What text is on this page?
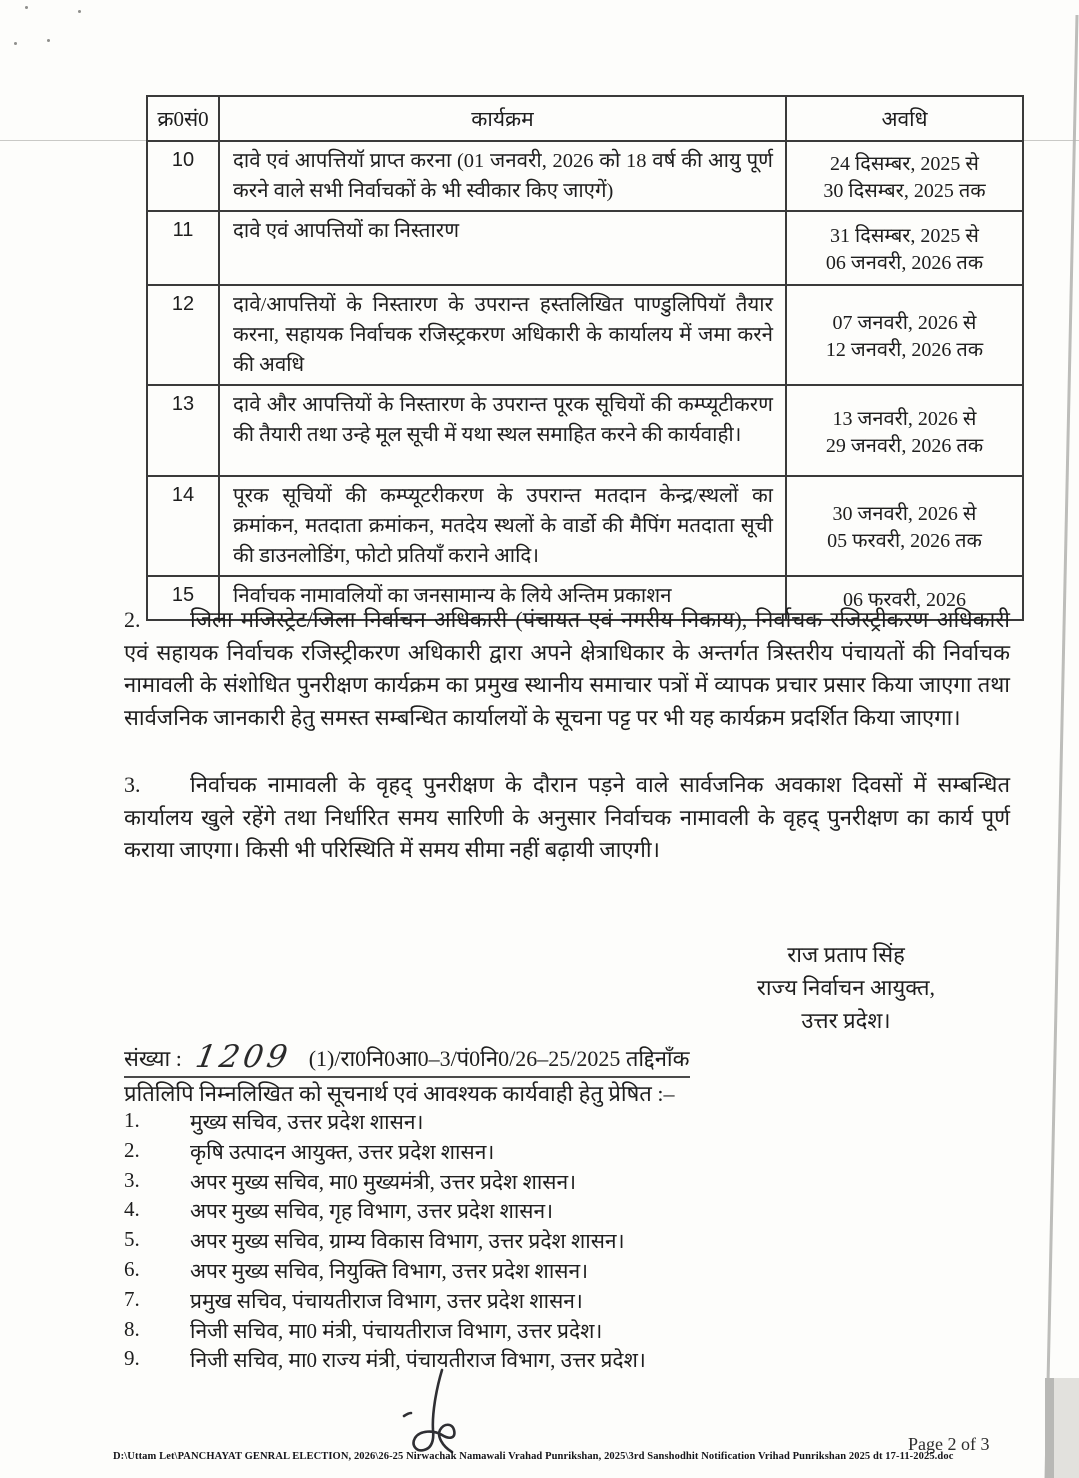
क्र0सं0	कार्यक्रम	अवधि
10	दावे एवं आपत्तियॉ प्राप्त करना (01 जनवरी, 2026 को 18 वर्ष की आयु पूर्ण करने वाले सभी निर्वाचकों के भी स्वीकार किए जाएगें)	24 दिसम्बर, 2025 से
30 दिसम्बर, 2025 तक

11	दावे एवं आपत्तियों का निस्तारण	31 दिसम्बर, 2025 से
06 जनवरी, 2026 तक

12	दावे/आपत्तियों के निस्तारण के उपरान्त हस्तलिखित पाण्डुलिपियॉ तैयार करना, सहायक निर्वाचक रजिस्ट्रकरण अधिकारी के कार्यालय में जमा करने की अवधि	07 जनवरी, 2026 से
12 जनवरी, 2026 तक

13	दावे और आपत्तियों के निस्तारण के उपरान्त पूरक सूचियों की कम्प्यूटीकरण की तैयारी तथा उन्हे मूल सूची में यथा स्थल समाहित करने की कार्यवाही।	13 जनवरी, 2026 से
29 जनवरी, 2026 तक

14	पूरक सूचियों की कम्प्यूटरीकरण के उपरान्त मतदान केन्द्र/स्थलों का क्रमांकन, मतदाता क्रमांकन, मतदेय स्थलों के वार्डो की मैपिंग मतदाता सूची की डाउनलोडिंग, फोटो प्रतियाँ कराने आदि।	30 जनवरी, 2026 से
05 फरवरी, 2026 तक

15	निर्वाचक नामावलियों का जनसामान्य के लिये अन्तिम प्रकाशन	06 फरवरी, 2026
2. जिला मजिस्ट्रेट/जिला निर्वाचन अधिकारी (पंचायत एवं नगरीय निकाय), निर्वाचक रजिस्ट्रीकरण अधिकारी एवं सहायक निर्वाचक रजिस्ट्रीकरण अधिकारी द्वारा अपने क्षेत्राधिकार के अन्तर्गत त्रिस्तरीय पंचायतों की निर्वाचक नामावली के संशोधित पुनरीक्षण कार्यक्रम का प्रमुख स्थानीय समाचार पत्रों में व्यापक प्रचार प्रसार किया जाएगा तथा सार्वजनिक जानकारी हेतु समस्त सम्बन्धित कार्यालयों के सूचना पट्ट पर भी यह कार्यक्रम प्रदर्शित किया जाएगा।
3. निर्वाचक नामावली के वृहद् पुनरीक्षण के दौरान पड़ने वाले सार्वजनिक अवकाश दिवसों में सम्बन्धित कार्यालय खुले रहेंगे तथा निर्धारित समय सारिणी के अनुसार निर्वाचक नामावली के वृहद् पुनरीक्षण का कार्य पूर्ण कराया जाएगा। किसी भी परिस्थिति में समय सीमा नहीं बढ़ायी जाएगी।
राज प्रताप सिंह
राज्य निर्वाचन आयुक्त,
उत्तर प्रदेश।
संख्या : 1209 (1)/रा0नि0आ0–3/पं0नि0/26–25/2025 तद्दिनाँक
प्रतिलिपि निम्नलिखित को सूचनार्थ एवं आवश्यक कार्यवाही हेतु प्रेषित :–
1.	मुख्य सचिव, उत्तर प्रदेश शासन।
2.	कृषि उत्पादन आयुक्त, उत्तर प्रदेश शासन।
3.	अपर मुख्य सचिव, मा0 मुख्यमंत्री, उत्तर प्रदेश शासन।
4.	अपर मुख्य सचिव, गृह विभाग, उत्तर प्रदेश शासन।
5.	अपर मुख्य सचिव, ग्राम्य विकास विभाग, उत्तर प्रदेश शासन।
6.	अपर मुख्य सचिव, नियुक्ति विभाग, उत्तर प्रदेश शासन।
7.	प्रमुख सचिव, पंचायतीराज विभाग, उत्तर प्रदेश शासन।
8.	निजी सचिव, मा0 मंत्री, पंचायतीराज विभाग, उत्तर प्रदेश।
9.	निजी सचिव, मा0 राज्य मंत्री, पंचायतीराज विभाग, उत्तर प्रदेश।
D:\Uttam Let\PANCHAYAT GENRAL ELECTION, 2026\26-25 Nirwachak Namawali Vrahad Punrikshan, 2025\3rd Sanshodhit Notification Vrihad Punrikshan 2025 dt 17-11-2025.doc
Page 2 of 3
